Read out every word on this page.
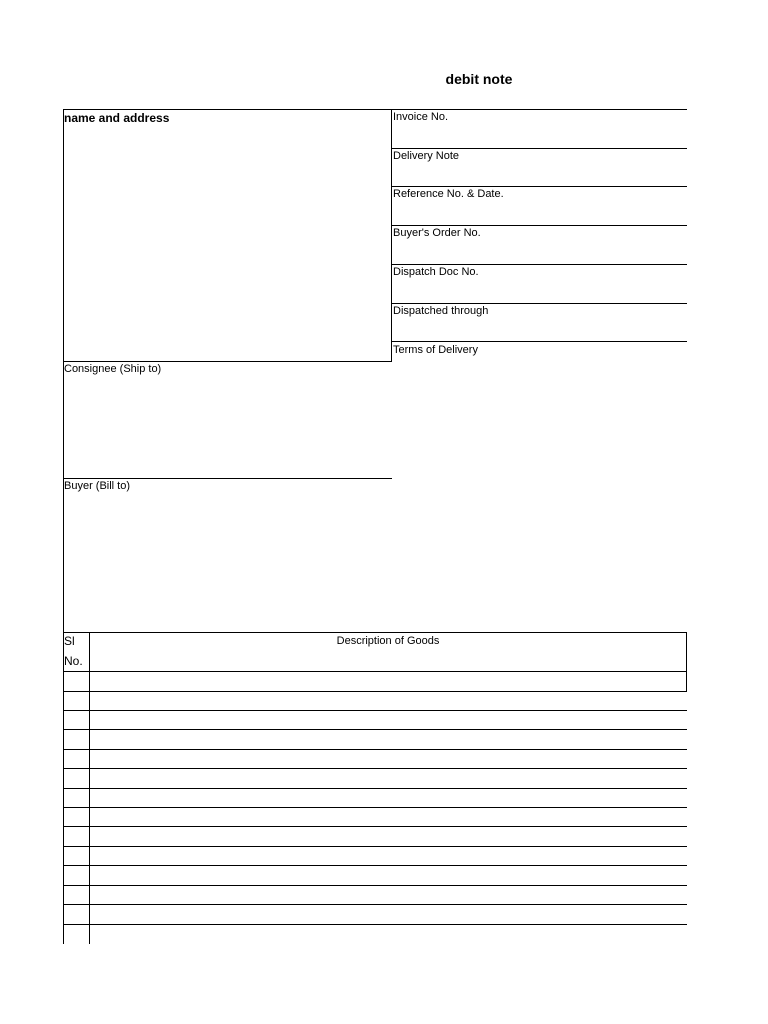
debit note
name and address	Invoice No.
Delivery Note
Reference No. & Date.
Buyer's Order No.
Dispatch Doc No.
Dispatched through
Terms of Delivery
Consignee (Ship to)
Buyer (Bill to)
Sl
No.
Description of Goods
